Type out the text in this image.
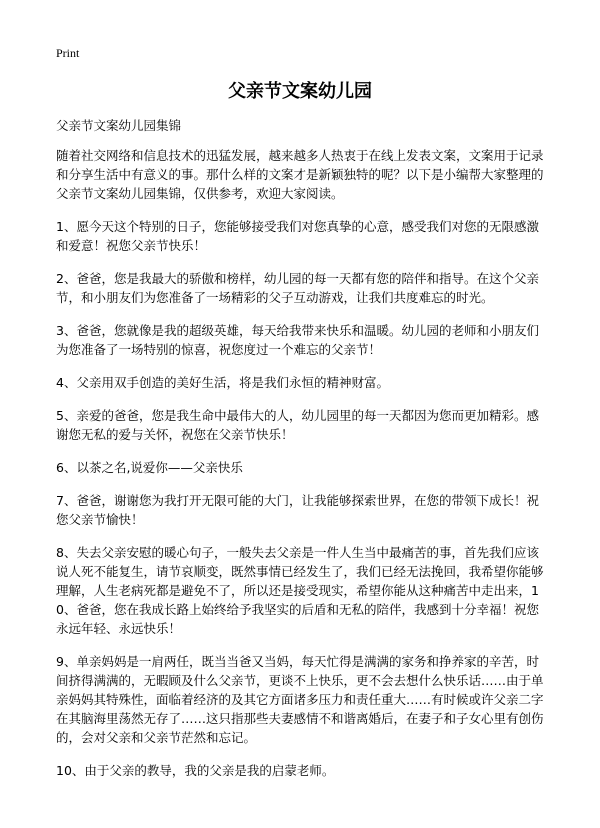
Print
父亲节文案幼儿园

父亲节文案幼儿园集锦

随着社交网络和信息技术的迅猛发展，越来越多人热衷于在线上发表文案，文案用于记录和分享生活中有意义的事。那什么样的文案才是新颖独特的呢？以下是小编帮大家整理的父亲节文案幼儿园集锦，仅供参考，欢迎大家阅读。

1、愿今天这个特别的日子，您能够接受我们对您真挚的心意，感受我们对您的无限感激和爱意！祝您父亲节快乐！

2、爸爸，您是我最大的骄傲和榜样，幼儿园的每一天都有您的陪伴和指导。在这个父亲节，和小朋友们为您准备了一场精彩的父子互动游戏，让我们共度难忘的时光。

3、爸爸，您就像是我的超级英雄，每天给我带来快乐和温暖。幼儿园的老师和小朋友们为您准备了一场特别的惊喜，祝您度过一个难忘的父亲节！

4、父亲用双手创造的美好生活，将是我们永恒的精神财富。

5、亲爱的爸爸，您是我生命中最伟大的人，幼儿园里的每一天都因为您而更加精彩。感谢您无私的爱与关怀，祝您在父亲节快乐！

6、以茶之名,说爱你——父亲快乐

7、爸爸，谢谢您为我打开无限可能的大门，让我能够探索世界，在您的带领下成长！祝您父亲节愉快！

8、失去父亲安慰的暖心句子，一般失去父亲是一件人生当中最痛苦的事，首先我们应该说人死不能复生，请节哀顺变，既然事情已经发生了，我们已经无法挽回，我希望你能够理解，人生老病死都是避免不了，所以还是接受现实，希望你能从这种痛苦中走出来，10、爸爸，您在我成长路上始终给予我坚实的后盾和无私的陪伴，我感到十分幸福！祝您永远年轻、永远快乐！

9、单亲妈妈是一肩两任，既当当爸又当妈，每天忙得是满满的家务和挣养家的辛苦，时间挤得满满的，无暇顾及什么父亲节，更谈不上快乐，更不会去想什么快乐话……由于单亲妈妈其特殊性，面临着经济的及其它方面诸多压力和责任重大……有时候或许父亲二字在其脑海里荡然无存了……这只指那些夫妻感情不和谐离婚后，在妻子和子女心里有创伤的，会对父亲和父亲节茫然和忘记。

10、由于父亲的教导，我的父亲是我的启蒙老师。
